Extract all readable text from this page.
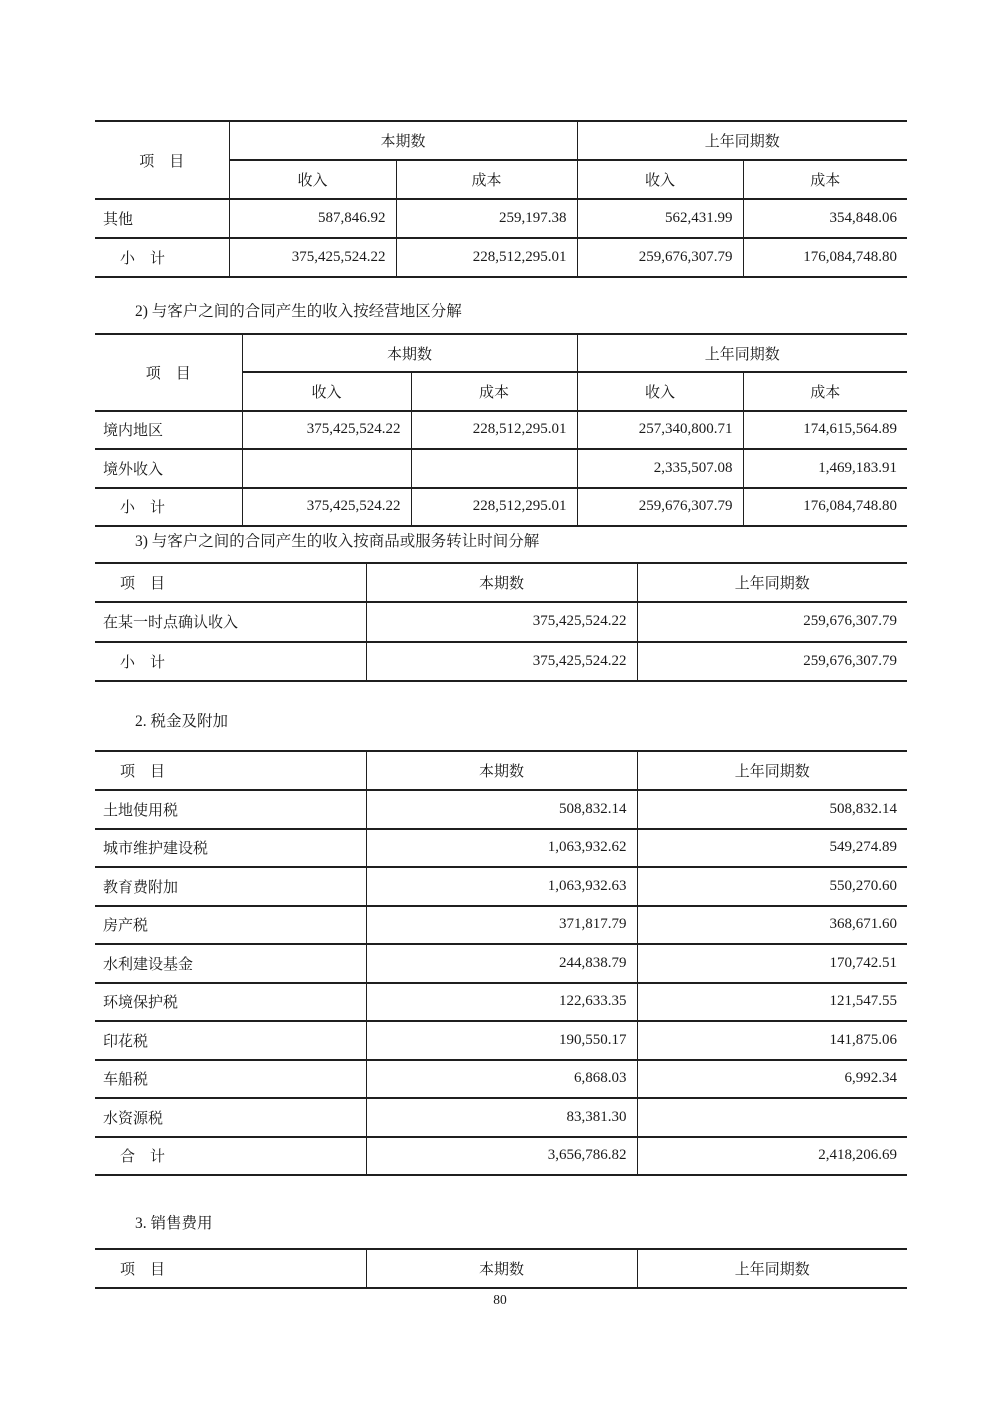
项　目	本期数		上年同期数	
	收入	成本	收入	成本
其他	587,846.92	259,197.38	562,431.99	354,848.06
小　计	375,425,524.22	228,512,295.01	259,676,307.79	176,084,748.80
2) 与客户之间的合同产生的收入按经营地区分解
项　目	本期数		上年同期数	
	收入	成本	收入	成本
境内地区	375,425,524.22	228,512,295.01	257,340,800.71	174,615,564.89
境外收入			2,335,507.08	1,469,183.91
小　计	375,425,524.22	228,512,295.01	259,676,307.79	176,084,748.80
3) 与客户之间的合同产生的收入按商品或服务转让时间分解
项　目	本期数	上年同期数
在某一时点确认收入	375,425,524.22	259,676,307.79
小　计	375,425,524.22	259,676,307.79
2. 税金及附加
项　目	本期数	上年同期数
土地使用税	508,832.14	508,832.14
城市维护建设税	1,063,932.62	549,274.89
教育费附加	1,063,932.63	550,270.60
房产税	371,817.79	368,671.60
水利建设基金	244,838.79	170,742.51
环境保护税	122,633.35	121,547.55
印花税	190,550.17	141,875.06
车船税	6,868.03	6,992.34
水资源税	83,381.30	
合　计	3,656,786.82	2,418,206.69
3. 销售费用
项　目	本期数	上年同期数
80
